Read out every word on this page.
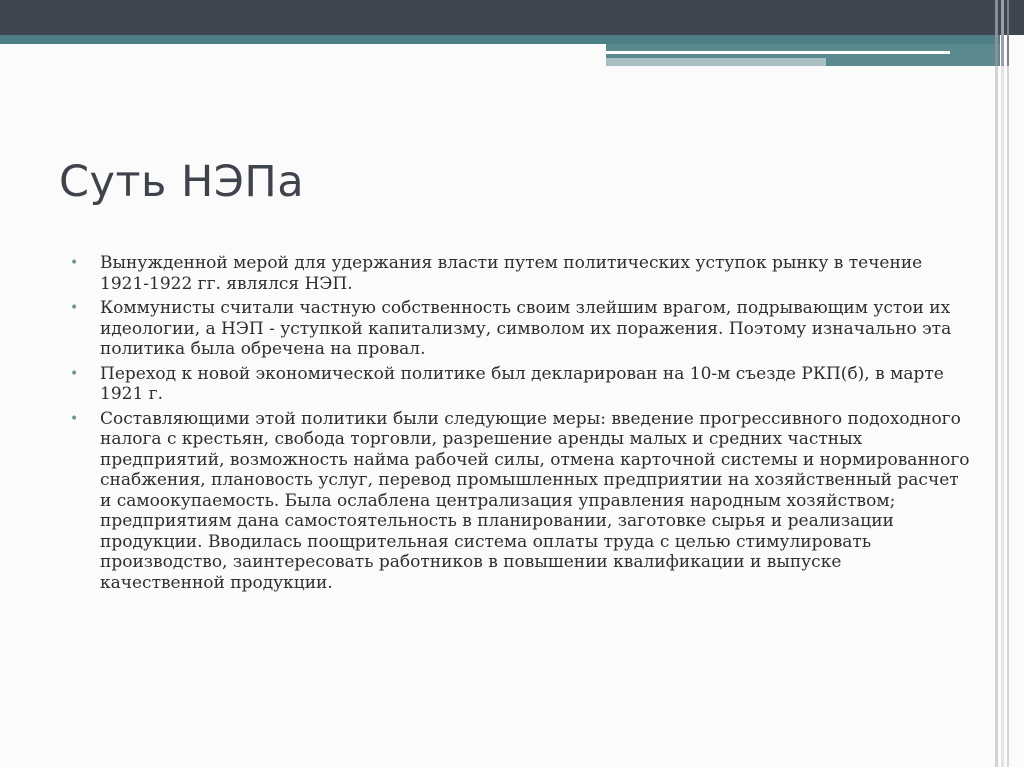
Суть НЭПа
• Вынужденной мерой для удержания власти путем политических уступок рынку в течение 1921-1922 гг. являлся НЭП.
• Коммунисты считали частную собственность своим злейшим врагом, подрывающим устои их идеологии, а НЭП - уступкой капитализму, символом их поражения. Поэтому изначально эта политика была обречена на провал.
• Переход к новой экономической политике был декларирован на 10-м съезде РКП(б), в марте 1921 г.
• Составляющими этой политики были следующие меры: введение прогрессивного подоходного налога с крестьян, свобода торговли, разрешение аренды малых и средних частных предприятий, возможность найма рабочей силы, отмена карточной системы и нормированного снабжения, плановость услуг, перевод промышленных предприятии на хозяйственный расчет и самоокупаемость. Была ослаблена централизация управления народным хозяйством; предприятиям дана самостоятельность в планировании, заготовке сырья и реализации продукции. Вводилась поощрительная система оплаты труда с целью стимулировать производство, заинтересовать работников в повышении квалификации и выпуске качественной продукции.
